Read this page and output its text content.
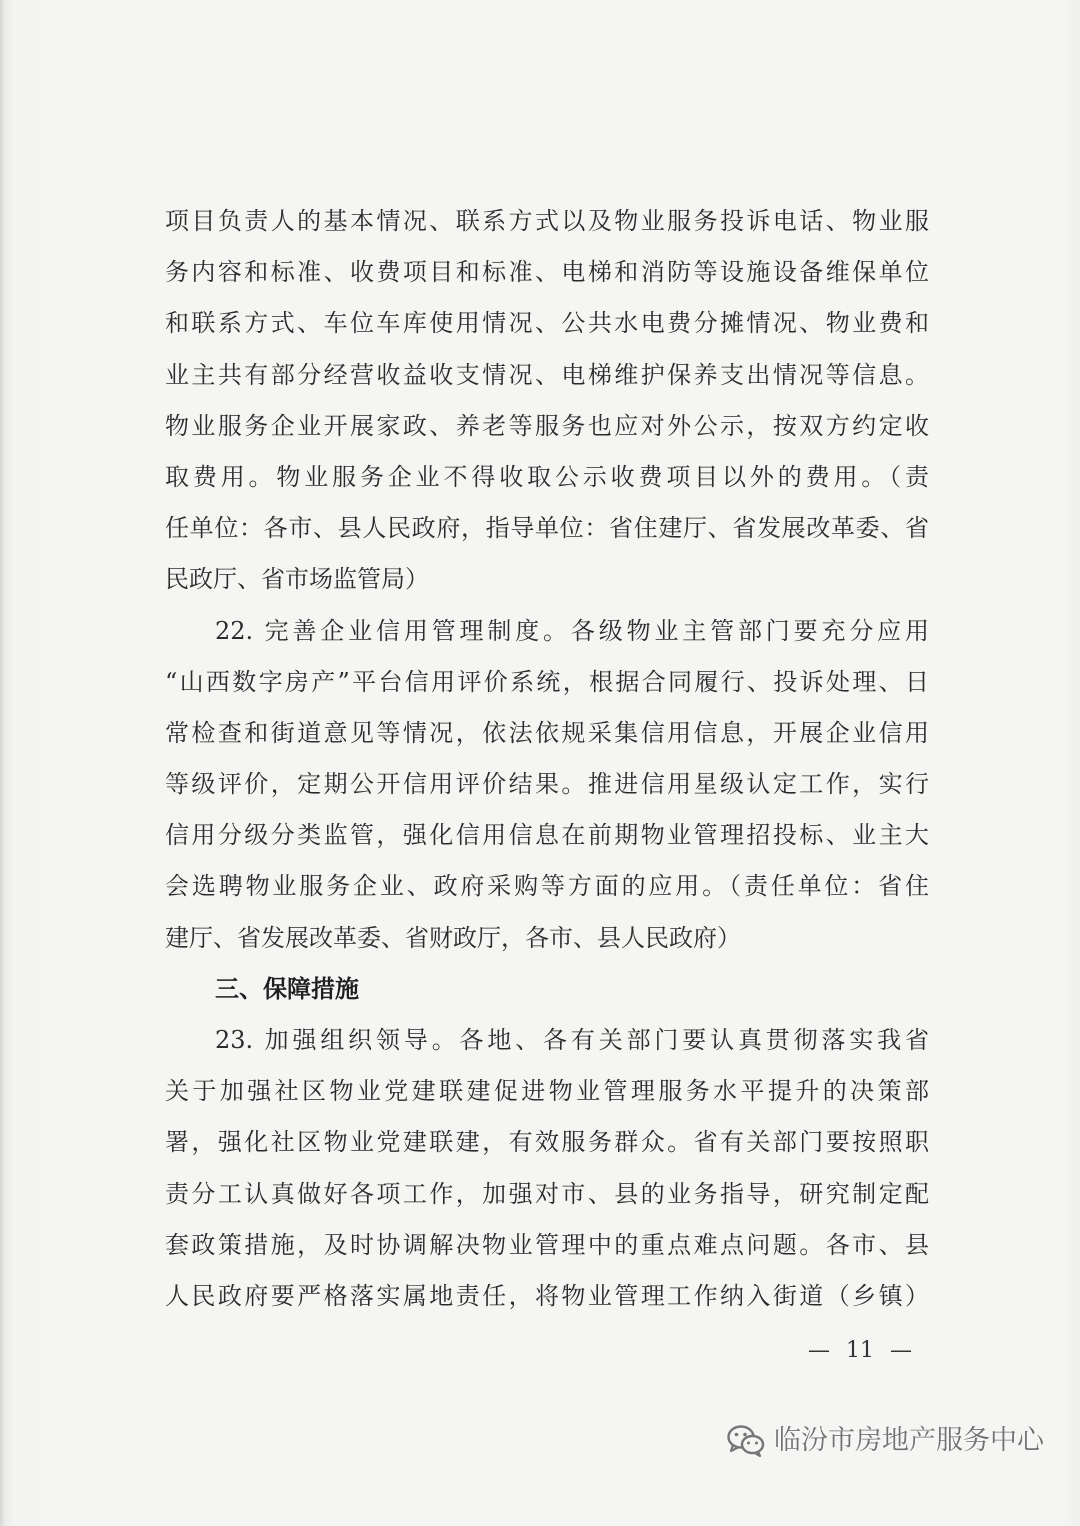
项目负责人的基本情况、联系方式以及物业服务投诉电话、物业服
务内容和标准、收费项目和标准、电梯和消防等设施设备维保单位
和联系方式、车位车库使用情况、公共水电费分摊情况、物业费和
业主共有部分经营收益收支情况、电梯维护保养支出情况等信息。
物业服务企业开展家政、养老等服务也应对外公示，按双方约定收
取费用。物业服务企业不得收取公示收费项目以外的费用。（责
任单位：各市、县人民政府，指导单位：省住建厅、省发展改革委、省
民政厅、省市场监管局）
22. 完善企业信用管理制度。各级物业主管部门要充分应用
“山西数字房产”平台信用评价系统，根据合同履行、投诉处理、日
常检查和街道意见等情况，依法依规采集信用信息，开展企业信用
等级评价，定期公开信用评价结果。推进信用星级认定工作，实行
信用分级分类监管，强化信用信息在前期物业管理招投标、业主大
会选聘物业服务企业、政府采购等方面的应用。（责任单位：省住
建厅、省发展改革委、省财政厅，各市、县人民政府）
三、保障措施
23. 加强组织领导。各地、各有关部门要认真贯彻落实我省
关于加强社区物业党建联建促进物业管理服务水平提升的决策部
署，强化社区物业党建联建，有效服务群众。省有关部门要按照职
责分工认真做好各项工作，加强对市、县的业务指导，研究制定配
套政策措施，及时协调解决物业管理中的重点难点问题。各市、县
人民政府要严格落实属地责任，将物业管理工作纳入街道（乡镇）
— 11 —
临汾市房地产服务中心
